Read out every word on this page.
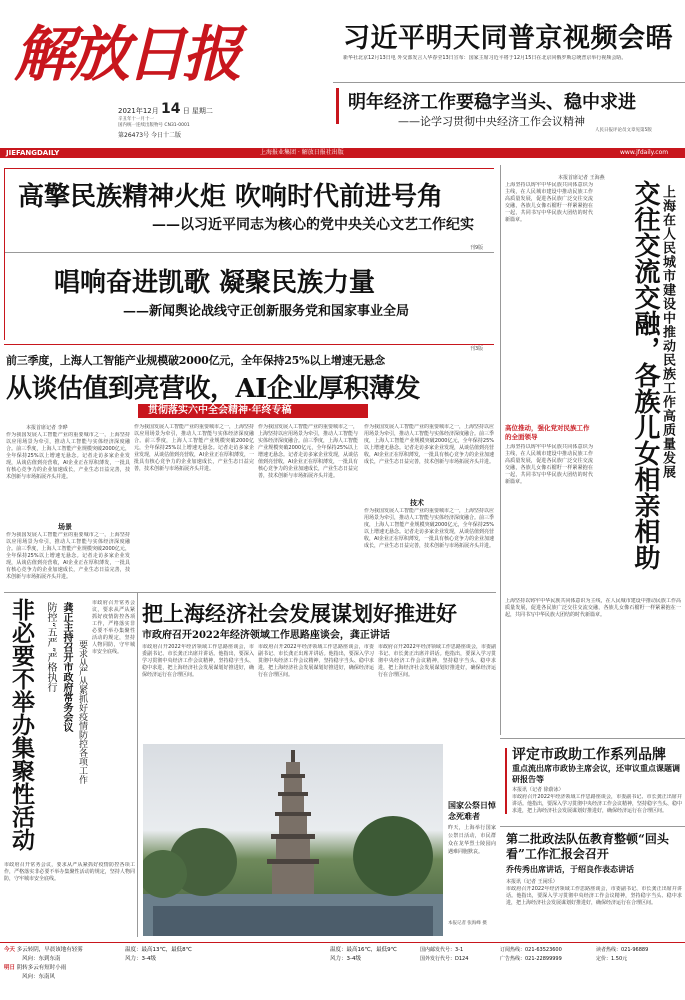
解放日报
2021年12月 14 日 星期二
辛丑年十一月十一
国内统一连续出版物号 CN31-0001
第26473号 今日十二版
习近平明天同普京视频会晤
新华社北京12月13日电 外交部发言人华春莹13日宣布：国家主席习近平将于12月15日在北京同俄罗斯总统普京举行视频会晤。
明年经济工作要稳字当头、稳中求进
——论学习贯彻中央经济工作会议精神
人民日报评论员文章见第5版
JIEFANGDAILY	上海报业集团 · 解放日报社出版	www.jfdaily.com
高擎民族精神火炬 吹响时代前进号角
——以习近平同志为核心的党中央关心文艺工作纪实
刊9版
唱响奋进凯歌 凝聚民族力量
——新闻舆论战线守正创新服务党和国家事业全局
刊3版
前三季度，上海人工智能产业规模破2000亿元，全年保持25%以上增速无悬念
从谈估值到亮营收，AI企业厚积薄发
贯彻落实六中全会精神·年终专稿
本报首席记者 李晔
作为我国发展人工智能产业的重要城市之一，上海坚持以应用场景为牵引，推动人工智能与实体经济深度融合。前三季度，上海人工智能产业规模突破2000亿元，全年保持25%以上增速无悬念。记者走访多家企业发现，从谈估值到亮营收，AI企业正在厚积薄发，一批具有核心竞争力的企业加速成长，产业生态日益完善，技术创新与市场拓展齐头并进。
场景
作为我国发展人工智能产业的重要城市之一，上海坚持以应用场景为牵引，推动人工智能与实体经济深度融合。前三季度，上海人工智能产业规模突破2000亿元，全年保持25%以上增速无悬念。记者走访多家企业发现，从谈估值到亮营收，AI企业正在厚积薄发，一批具有核心竞争力的企业加速成长，产业生态日益完善，技术创新与市场拓展齐头并进。
作为我国发展人工智能产业的重要城市之一，上海坚持以应用场景为牵引，推动人工智能与实体经济深度融合。前三季度，上海人工智能产业规模突破2000亿元，全年保持25%以上增速无悬念。记者走访多家企业发现，从谈估值到亮营收，AI企业正在厚积薄发，一批具有核心竞争力的企业加速成长，产业生态日益完善，技术创新与市场拓展齐头并进。
作为我国发展人工智能产业的重要城市之一，上海坚持以应用场景为牵引，推动人工智能与实体经济深度融合。前三季度，上海人工智能产业规模突破2000亿元，全年保持25%以上增速无悬念。记者走访多家企业发现，从谈估值到亮营收，AI企业正在厚积薄发，一批具有核心竞争力的企业加速成长，产业生态日益完善，技术创新与市场拓展齐头并进。
作为我国发展人工智能产业的重要城市之一，上海坚持以应用场景为牵引，推动人工智能与实体经济深度融合。前三季度，上海人工智能产业规模突破2000亿元，全年保持25%以上增速无悬念。记者走访多家企业发现，从谈估值到亮营收，AI企业正在厚积薄发，一批具有核心竞争力的企业加速成长，产业生态日益完善，技术创新与市场拓展齐头并进。
技术
作为我国发展人工智能产业的重要城市之一，上海坚持以应用场景为牵引，推动人工智能与实体经济深度融合。前三季度，上海人工智能产业规模突破2000亿元，全年保持25%以上增速无悬念。记者走访多家企业发现，从谈估值到亮营收，AI企业正在厚积薄发，一批具有核心竞争力的企业加速成长，产业生态日益完善，技术创新与市场拓展齐头并进。
本报首席记者 王海燕
上海在人民城市建设中推动民族工作高质量发展
交往交流交融，各族儿女相亲相助
上海坚持以铸牢中华民族共同体意识为主线，在人民城市建设中推动民族工作高质量发展，促进各民族广泛交往交流交融，各族儿女像石榴籽一样紧紧抱在一起，共同书写中华民族大团结的时代新篇章。
高位推动，强化党对民族工作的全面领导
上海坚持以铸牢中华民族共同体意识为主线，在人民城市建设中推动民族工作高质量发展，促进各民族广泛交往交流交融，各族儿女像石榴籽一样紧紧抱在一起，共同书写中华民族大团结的时代新篇章。
上海坚持以铸牢中华民族共同体意识为主线，在人民城市建设中推动民族工作高质量发展，促进各民族广泛交往交流交融，各族儿女像石榴籽一样紧紧抱在一起，共同书写中华民族大团结的时代新篇章。
把上海经济社会发展谋划好推进好
市政府召开2022年经济领域工作思路座谈会，龚正讲话
市政府召开2022年经济领域工作思路座谈会，市委副书记、市长龚正出席并讲话。他指出，要深入学习贯彻中央经济工作会议精神，坚持稳字当头、稳中求进，把上海经济社会发展谋划好推进好，确保经济运行在合理区间。
市政府召开2022年经济领域工作思路座谈会，市委副书记、市长龚正出席并讲话。他指出，要深入学习贯彻中央经济工作会议精神，坚持稳字当头、稳中求进，把上海经济社会发展谋划好推进好，确保经济运行在合理区间。
市政府召开2022年经济领域工作思路座谈会，市委副书记、市长龚正出席并讲话。他指出，要深入学习贯彻中央经济工作会议精神，坚持稳字当头、稳中求进，把上海经济社会发展谋划好推进好，确保经济运行在合理区间。
非必要不举办集聚性活动 防控“五严”严格执行 龚正主持召开市政府常务会议 要求从严从紧抓好疫情防控各项工作
市政府召开常务会议，要求从严从紧抓好疫情防控各项工作，严格落实非必要不举办集聚性活动的规定，坚持人物同防，守牢城市安全底线。
市政府召开常务会议，要求从严从紧抓好疫情防控各项工作，严格落实非必要不举办集聚性活动的规定，坚持人物同防，守牢城市安全底线。
国家公祭日悼念死难者
昨天，上海举行国家公祭日活动，市民群众在龙华烈士陵园向遇难同胞默哀。
本报记者 张海峰 摄
评定市政助工作系列品牌
重点流出席市政协主席会议，还审议重点课题调研报告等
本报讯（记者 徐蔚冰）
市政府召开2022年经济领域工作思路座谈会，市委副书记、市长龚正出席并讲话。他指出，要深入学习贯彻中央经济工作会议精神，坚持稳字当头、稳中求进，把上海经济社会发展谋划好推进好，确保经济运行在合理区间。
第二批政法队伍教育整顿“回头看”工作汇报会召开
乔传秀出席讲话，于绍良作表态讲话
本报讯（记者 王闲乐）
市政府召开2022年经济领域工作思路座谈会，市委副书记、市长龚正出席并讲话。他指出，要深入学习贯彻中央经济工作会议精神，坚持稳字当头、稳中求进，把上海经济社会发展谋划好推进好，确保经济运行在合理区间。
今天 多云转阴，早晨该地有轻雾
风向：东到东南
明日 阴转多云有短时小雨
风向：东南风
温度：最高13℃，最低8℃
风力：3-4级
温度：最高16℃，最低9℃
风力：3-4级
国内邮发代号：3-1
国外发行代号：D124
订阅热线：021-63523600
广告热线：021-22899999
读者热线：021-96889
定价：1.50元
